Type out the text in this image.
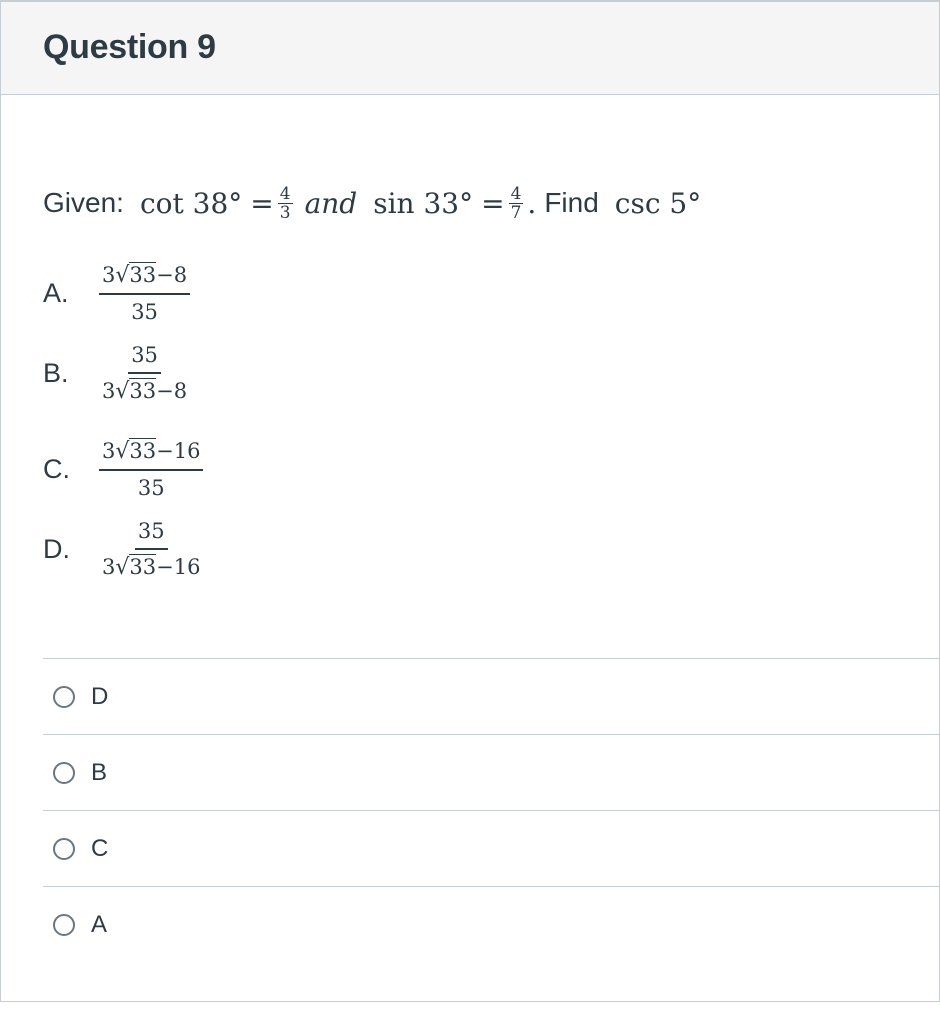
Question 9
Given: $\cot 38^\circ = \frac{4}{3}$ and $\sin 33^\circ = \frac{4}{7}$ . Find csc 5°
A.	$\frac{3√33-8}{35}$
B.	$\frac{35}{3√33-8}$
C.	$\frac{3√33-16}{35}$
D.	$\frac{35}{3√33-16}$
D
B
C
A
